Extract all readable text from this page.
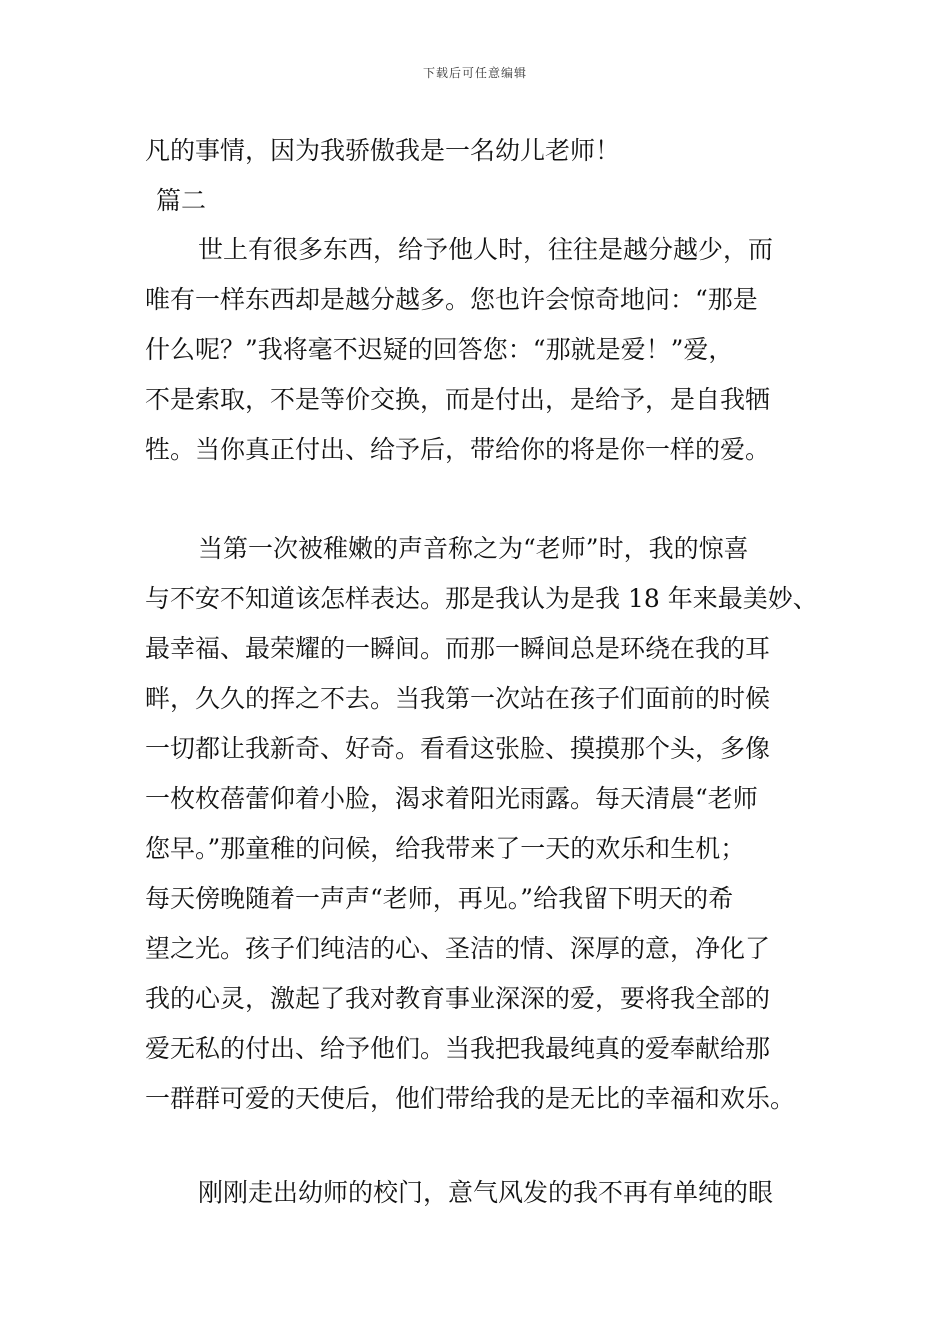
下载后可任意编辑
凡的事情，因为我骄傲我是一名幼儿老师！
篇二
世上有很多东西，给予他人时，往往是越分越少，而
唯有一样东西却是越分越多。您也许会惊奇地问：“那是
什么呢？”我将毫不迟疑的回答您：“那就是爱！”爱，
不是索取，不是等价交换，而是付出，是给予，是自我牺
牲。当你真正付出、给予后，带给你的将是你一样的爱。
当第一次被稚嫩的声音称之为“老师”时，我的惊喜
与不安不知道该怎样表达。那是我认为是我 18 年来最美妙、
最幸福、最荣耀的一瞬间。而那一瞬间总是环绕在我的耳
畔，久久的挥之不去。当我第一次站在孩子们面前的时候
一切都让我新奇、好奇。看看这张脸、摸摸那个头，多像
一枚枚蓓蕾仰着小脸，渴求着阳光雨露。每天清晨“老师
您早。”那童稚的问候，给我带来了一天的欢乐和生机；
每天傍晚随着一声声“老师，再见。”给我留下明天的希
望之光。孩子们纯洁的心、圣洁的情、深厚的意，净化了
我的心灵，激起了我对教育事业深深的爱，要将我全部的
爱无私的付出、给予他们。当我把我最纯真的爱奉献给那
一群群可爱的天使后，他们带给我的是无比的幸福和欢乐。
刚刚走出幼师的校门，意气风发的我不再有单纯的眼
